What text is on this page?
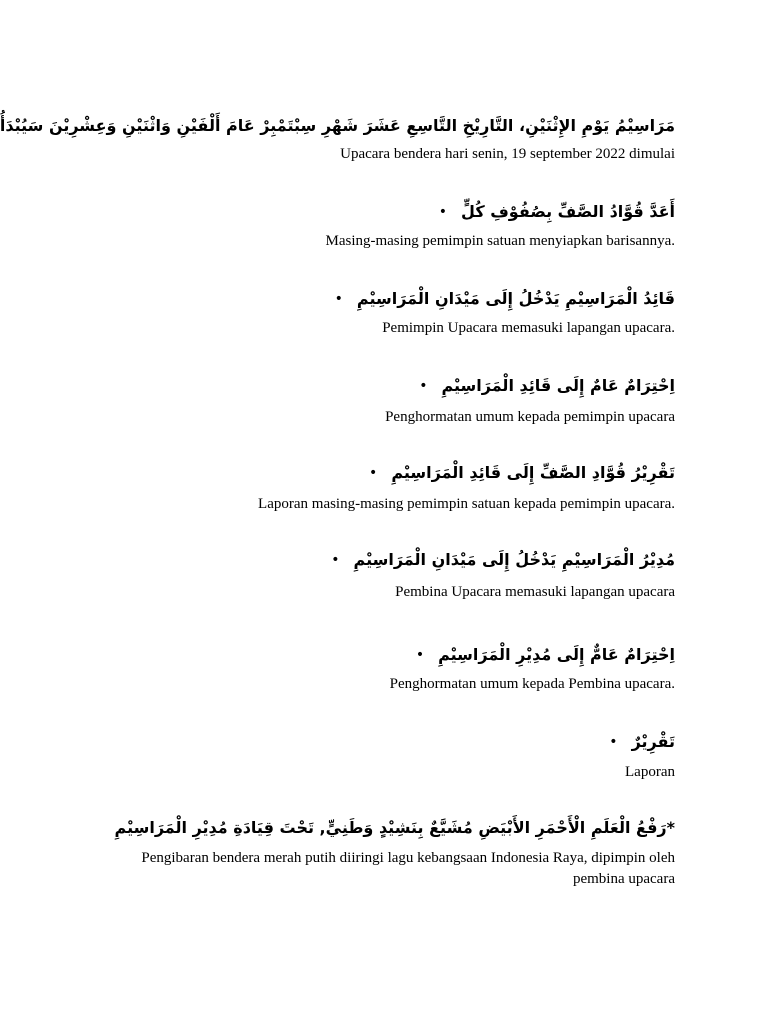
مَرَاسِيْمُ يَوْمِ الإِثْنَيْنِ، التَّارِيْخِ التَّاسِعِ عَشَرَ شَهْرِ سِبْتَمْبِرْ عَامَ أَلْفَيْنِ وَاثْنَيْنِ وَعِشْرِيْنَ سَيُبْدَأُ
Upacara bendera hari senin, 19 september 2022 dimulai
• أَعَدَّ قُوَّادُ الصَّفِّ بِصُفُوْفِ كُلٍّ
Masing-masing pemimpin satuan menyiapkan barisannya.
• قَائِدُ الْمَرَاسِيْمِ يَدْخُلُ إِلَى مَيْدَانِ الْمَرَاسِيْمِ
Pemimpin Upacara memasuki lapangan upacara.
• اِحْتِرَامٌ عَامٌ إِلَى قَائِدِ الْمَرَاسِيْمِ
Penghormatan umum kepada pemimpin upacara
• تَقْرِيْرُ قُوَّادِ الصَّفِّ إِلَى قَائِدِ الْمَرَاسِيْمِ
Laporan masing-masing pemimpin satuan kepada pemimpin upacara.
• مُدِيْرُ الْمَرَاسِيْمِ يَدْخُلُ إِلَى مَيْدَانِ الْمَرَاسِيْمِ
Pembina Upacara memasuki lapangan upacara
• اِحْتِرَامٌ عَامٌّ إِلَى مُدِيْرِ الْمَرَاسِيْمِ
Penghormatan umum kepada Pembina upacara.
• تَقْرِيْرٌ
Laporan
*رَفْعُ الْعَلَمِ الْأَحْمَرِ الأَبْيَضِ مُشَيَّعٌ بِنَشِيْدٍ وَطَنِيٍّ, تَحْتَ قِيَادَةِ مُدِيْرِ الْمَرَاسِيْمِ
Pengibaran bendera merah putih diiringi lagu kebangsaan Indonesia Raya, dipimpin oleh pembina upacara
